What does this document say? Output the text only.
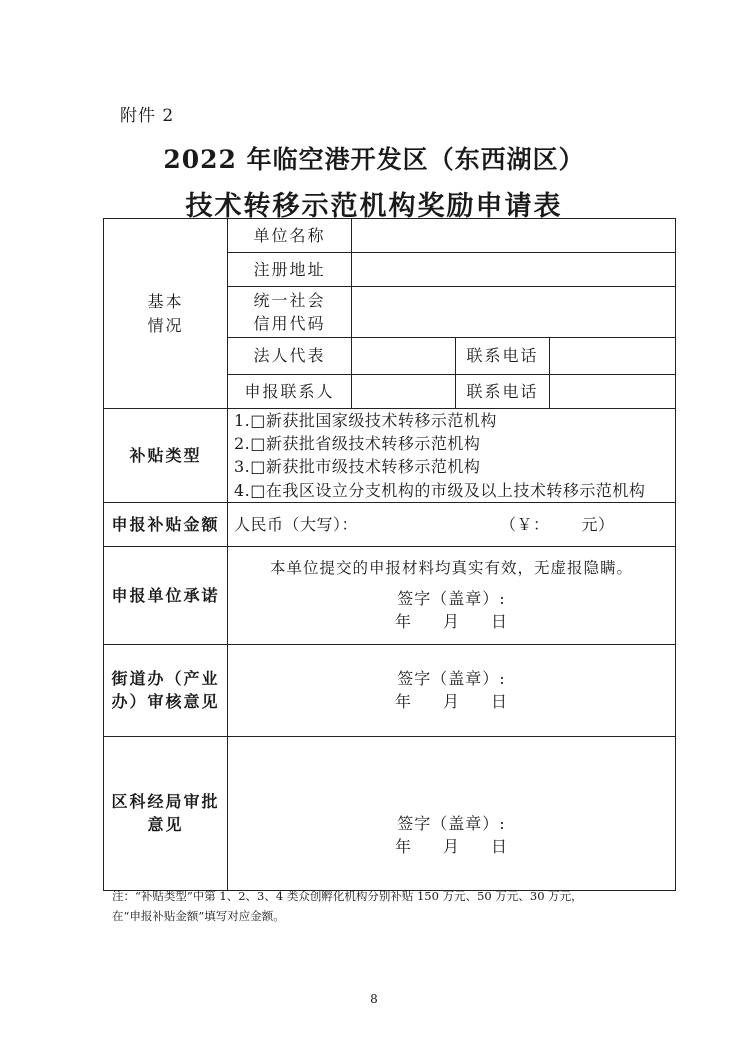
附件 2
2022 年临空港开发区（东西湖区）
技术转移示范机构奖励申请表
基本
情况	单位名称			
	注册地址			
	统一社会
信用代码			
	法人代表		联系电话	
	申报联系人		联系电话	
补贴类型	1.□新获批国家级技术转移示范机构
2.□新获批省级技术转移示范机构
3.□新获批市级技术转移示范机构
4.□在我区设立分支机构的市级及以上技术转移示范机构			

申报补贴金额	人民币（大写）： （￥： 元）			
申报单位承诺	本单位提交的申报材料均真实有效，无虚报隐瞒。
签字（盖章）:
年 月 日			

街道办（产业
办）审核意见	签字（盖章）:
年 月 日			

区科经局审批
意见	签字（盖章）:
年 月 日			
注：“补贴类型”中第 1、2、3、4 类众创孵化机构分别补贴 150 万元、50 万元、30 万元，
在“申报补贴金额”填写对应金额。
8
